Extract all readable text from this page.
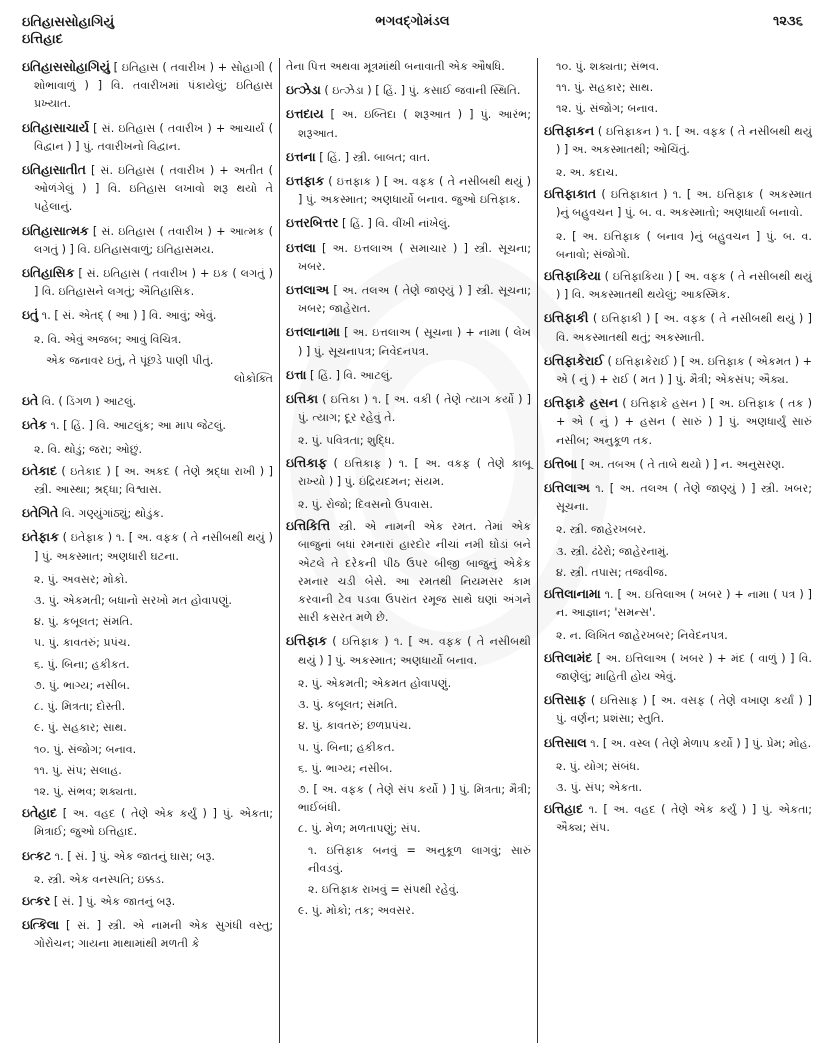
ઇતિહાસસોહાગિયું
ઇત્તિહાદ
ભગવદ્ગોમંડલ	૧૨૩૬
ઇતિહાસસોહાગિયું [ ઇતિહાસ ( તવારીખ ) + સોહાગી ( શોભાવાળું ) ] વિ. તવારીખમાં પંકાયેલું; ઇતિહાસ પ્રખ્યાત.
ઇતિહાસાચાર્ય [ સં. ઇતિહાસ ( તવારીખ ) + આચાર્ય ( વિદ્વાન ) ] પું. તવારીખનો વિદ્વાન.
ઇતિહાસાતીત [ સં. ઇતિહાસ ( તવારીખ ) + અતીત ( ઓળંગેલું ) ] વિ. ઇતિહાસ લખાવો શરૂ થયો તે પહેલાનું.
ઇતિહાસાત્મક [ સં. ઇતિહાસ ( તવારીખ ) + આત્મક ( લગતું ) ] વિ. ઇતિહાસવાળું; ઇતિહાસમય.
ઇતિહાસિક [ સં. ઇતિહાસ ( તવારીખ ) + ઇક ( લગતું ) ] વિ. ઇતિહાસને લગતું; ઐતિહાસિક.
ઇતું ૧. [ સં. એતદ્ ( આ ) ] વિ. આવું; એવું.
૨. વિ. એવું અજબ; આવું વિચિત્ર.
એક જનાવર ઇતું, તે પૂંછડે પાણી પીતું.
લોકોક્તિ
ઇતે વિ. ( ડિંગળ ) આટલું.
ઇતેક ૧. [ હિં. ] વિ. આટલુંક; આ માપ જેટલું.
૨. વિ. થોડું; જરા; ઓછું.
ઇતેકાદ ( ઇતેકાદ ) [ અ. અકદ ( તેણે શ્રદ્ધા રાખી ) ] સ્ત્રી. આસ્થા; શ્રદ્ધા; વિશ્વાસ.
ઇતેગિતે વિ. ગણ્યુંગાંઠ્યું; થોડુંક.
ઇતેફાક ( ઇતેફાક ) ૧. [ અ. વફક ( તે નસીબથી થયું ) ] પું. અકસ્માત; અણધારી ઘટના.
૨. પું. અવસર; મોકો.
૩. પું. એકમતી; બધાનો સરખો મત હોવાપણું.
૪. પું. કબૂલત; સંમતિ.
૫. પું. કાવતરું; પ્રપંચ.
૬. પું. બિના; હકીકત.
૭. પું. ભાગ્ય; નસીબ.
૮. પું. મિત્રતા; દોસ્તી.
૯. પું. સહકાર; સાથ.
૧૦. પું. સંજોગ; બનાવ.
૧૧. પું. સંપ; સલાહ.
૧૨. પું. સંભવ; શક્યતા.
ઇતેહાદ [ અ. વહદ ( તેણે એક કર્યું ) ] પું. એકતા; મિત્રાઈ; જુઓ ઇત્તિહાદ.
ઇત્કટ ૧. [ સં. ] પું. એક જાતનું ઘાસ; બરૂ.
૨. સ્ત્રી. એક વનસ્પતિ; ઇક્કડ.
ઇત્કર [ સં. ] પું. એક જાતનું બરૂ.
ઇત્કિલા [ સં. ] સ્ત્રી. એ નામની એક સુગંધી વસ્તુ; ગોરોચન; ગાયના માથામાંથી મળતી કે
તેના પિત્ત અથવા મૂત્રમાંથી બનાવાતી એક ઔષધિ.
ઇત્ઝેડા ( ઇત્ઝેડા ) [ હિં. ] પું. કસાઈ જવાની સ્થિતિ.
ઇત્તદાય [ અ. ઇબ્તિદા ( શરૂઆત ) ] પું. આરંભ; શરૂઆત.
ઇત્તના [ હિં. ] સ્ત્રી. બાબત; વાત.
ઇત્તફાક ( ઇત્તફાક ) [ અ. વફક ( તે નસીબથી થયું ) ] પું. અકસ્માત; અણધાર્યો બનાવ. જુઓ ઇત્તિફાક.
ઇત્તરબિત્તર [ હિં. ] વિ. વીંખી નાંખેલું.
ઇત્તલા [ અ. ઇત્તલાઅ ( સમાચાર ) ] સ્ત્રી. સૂચના; ખબર.
ઇત્તલાઅ [ અ. તલઅ ( તેણે જાણ્યું ) ] સ્ત્રી. સૂચના; ખબર; જાહેરાત.
ઇત્તલાનામા [ અ. ઇત્તલાઅ ( સૂચના ) + નામા ( લેખ ) ] પું. સૂચનાપત્ર; નિવેદનપત્ર.
ઇત્તા [ હિં. ] વિ. આટલું.
ઇત્તિકા ( ઇત્તિકા ) ૧. [ અ. વકી ( તેણે ત્યાગ કર્યો ) ] પું. ત્યાગ; દૂર રહેવું તે.
૨. પું. પવિત્રતા; શુદ્ધિ.
ઇત્તિકાફ ( ઇત્તિકાફ ) ૧. [ અ. વકફ ( તેણે કાબૂ રાખ્યો ) ] પું. ઇંદ્રિયદમન; સંયમ.
૨. પું. રોજો; દિવસનો ઉપવાસ.
ઇત્તિકિત્તિ સ્ત્રી. એ નામની એક રમત. તેમાં એક બાજુનાં બધાં રમનારાં હારદોર નીચાં નમી ઘોડાં બને એટલે તે દરેકની પીઠ ઉપર બીજી બાજુનું એકેક રમનાર ચડી બેસે. આ રમતથી નિયમસર કામ કરવાની ટેવ પડવા ઉપરાંત રમૂજ સાથે ઘણાં અંગને સારી કસરત મળે છે.
ઇત્તિફાક ( ઇત્તિફાક ) ૧. [ અ. વફક ( તે નસીબથી થયું ) ] પું. અકસ્માત; અણધાર્યો બનાવ.
૨. પું. એકમતી; એકમત હોવાપણું.
૩. પું. કબૂલત; સંમતિ.
૪. પું. કાવતરું; છળપ્રપંચ.
૫. પું. બિના; હકીકત.
૬. પું. ભાગ્ય; નસીબ.
૭. [ અ. વફક ( તેણે સંપ કર્યો ) ] પું. મિત્રતા; મૈત્રી; ભાઈબંધી.
૮. પું. મેળ; મળતાપણું; સંપ.
૧. ઇત્તિફાક બનવું = અનુકૂળ લાગવું; સારું નીવડવું.
૨. ઇત્તિફાક રાખવું = સંપથી રહેવું.
૯. પું. મોકો; તક; અવસર.
૧૦. પું. શક્યતા; સંભવ.
૧૧. પું. સહકાર; સાથ.
૧૨. પું. સંજોગ; બનાવ.
ઇત્તિફાકન ( ઇત્તિફાકન ) ૧. [ અ. વફક ( તે નસીબથી થયું ) ] અ. અકસ્માતથી; ઓચિંતું.
૨. અ. કદાચ.
ઇત્તિફાકાત ( ઇત્તિફાકાત ) ૧. [ અ. ઇત્તિફાક ( અકસ્માત )નું બહુવચન ] પું. બ. વ. અકસ્માતો; અણધાર્યા બનાવો.
૨. [ અ. ઇત્તિફાક ( બનાવ )નું બહુવચન ] પું. બ. વ. બનાવો; સંજોગો.
ઇત્તિફાકિયા ( ઇત્તિફાકિયા ) [ અ. વફક ( તે નસીબથી થયું ) ] વિ. અકસ્માતથી થયેલું; આકસ્મિક.
ઇત્તિફાકી ( ઇત્તિફાકી ) [ અ. વફક ( તે નસીબથી થયું ) ] વિ. અકસ્માતથી થતું; અકસ્માતી.
ઇત્તિફાકેરાઈ ( ઇત્તિફાકેરાઈ ) [ અ. ઇત્તિફાક ( એકમત ) + એ ( નું ) + રાઈ ( મત ) ] પું. મૈત્રી; એકસંપ; ઐક્ય.
ઇત્તિફાકે હસન ( ઇત્તિફાકે હસન ) [ અ. ઇત્તિફાક ( તક ) + એ ( નું ) + હસન ( સારું ) ] પું. અણધાર્યું સારું નસીબ; અનુકૂળ તક.
ઇત્તિબા [ અ. તબઅ ( તે તાબે થયો ) ] ન. અનુસરણ.
ઇત્તિલાઅ ૧. [ અ. તલઅ ( તેણે જાણ્યું ) ] સ્ત્રી. ખબર; સૂચના.
૨. સ્ત્રી. જાહેરખબર.
૩. સ્ત્રી. ઢંઢેરો; જાહેરનામું.
૪. સ્ત્રી. તપાસ; તજવીજ.
ઇત્તિલાનામા ૧. [ અ. ઇત્તિલાઅ ( ખબર ) + નામા ( પત્ર ) ] ન. આજ્ઞાન; 'સમન્સ'.
૨. ન. લિખિત જાહેરખબર; નિવેદનપત્ર.
ઇત્તિલામંદ [ અ. ઇત્તિલાઅ ( ખબર ) + મંદ ( વાળું ) ] વિ. જાણેલું; માહિતી હોય એવું.
ઇત્તિસાફ ( ઇત્તિસાફ ) [ અ. વસફ ( તેણે વખાણ કર્યાં ) ] પું. વર્ણન; પ્રશંસા; સ્તુતિ.
ઇત્તિસાલ ૧. [ અ. વસ્લ ( તેણે મેળાપ કર્યો ) ] પું. પ્રેમ; મોહ.
૨. પું. યોગ; સંબંધ.
૩. પું. સંપ; એકતા.
ઇત્તિહાદ ૧. [ અ. વહદ ( તેણે એક કર્યું ) ] પું. એકતા; ઐક્ય; સંપ.
